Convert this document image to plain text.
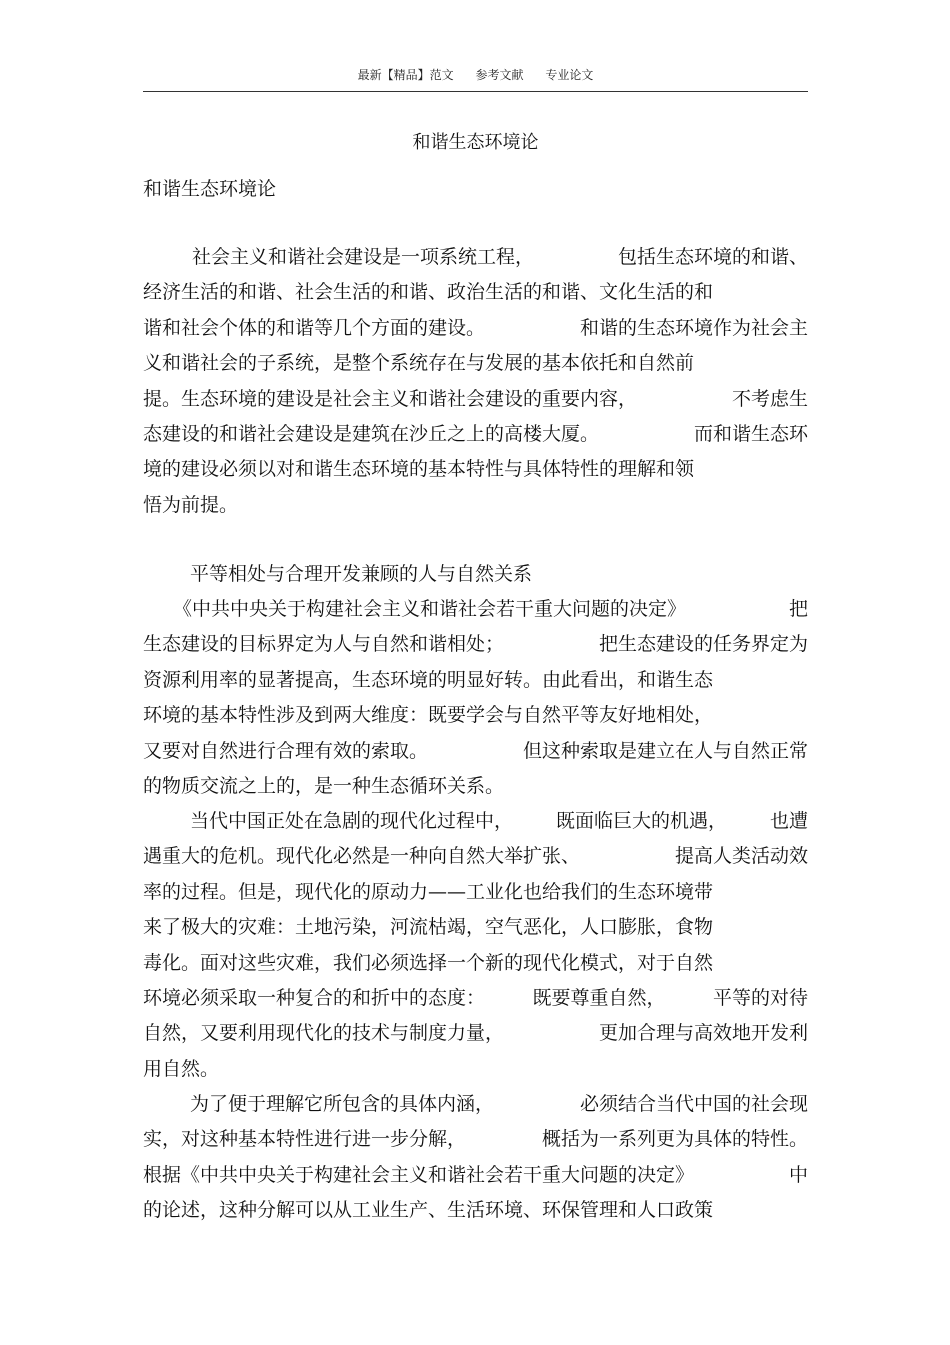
最新【精品】范文 参考文献 专业论文
和谐生态环境论
和谐生态环境论
　社会主义和谐社会建设是一项系统工程，	包括生态环境的和谐、
经济生活的和谐、社会生活的和谐、政治生活的和谐、文化生活的和
谐和社会个体的和谐等几个方面的建设。	和谐的生态环境作为社会主
义和谐社会的子系统，是整个系统存在与发展的基本依托和自然前
提。生态环境的建设是社会主义和谐社会建设的重要内容，	不考虑生
态建设的和谐社会建设是建筑在沙丘之上的高楼大厦。	而和谐生态环
境的建设必须以对和谐生态环境的基本特性与具体特性的理解和领
悟为前提。
平等相处与合理开发兼顾的人与自然关系
《中共中央关于构建社会主义和谐社会若干重大问题的决定》	把
生态建设的目标界定为人与自然和谐相处；	把生态建设的任务界定为
资源利用率的显著提高，生态环境的明显好转。由此看出，和谐生态
环境的基本特性涉及到两大维度：既要学会与自然平等友好地相处，
又要对自然进行合理有效的索取。	但这种索取是建立在人与自然正常
的物质交流之上的，是一种生态循环关系。
当代中国正处在急剧的现代化过程中， 既面临巨大的机遇， 也遭
遇重大的危机。现代化必然是一种向自然大举扩张、	提高人类活动效
率的过程。但是，现代化的原动力——工业化也给我们的生态环境带
来了极大的灾难：土地污染，河流枯竭，空气恶化，人口膨胀，食物
毒化。面对这些灾难，我们必须选择一个新的现代化模式，对于自然
环境必须采取一种复合的和折中的态度： 既要尊重自然， 平等的对待
自然，又要利用现代化的技术与制度力量，	更加合理与高效地开发利
用自然。
为了便于理解它所包含的具体内涵，	必须结合当代中国的社会现
实，对这种基本特性进行进一步分解，	概括为一系列更为具体的特性。
根据《中共中央关于构建社会主义和谐社会若干重大问题的决定》	中
的论述，这种分解可以从工业生产、生活环境、环保管理和人口政策
